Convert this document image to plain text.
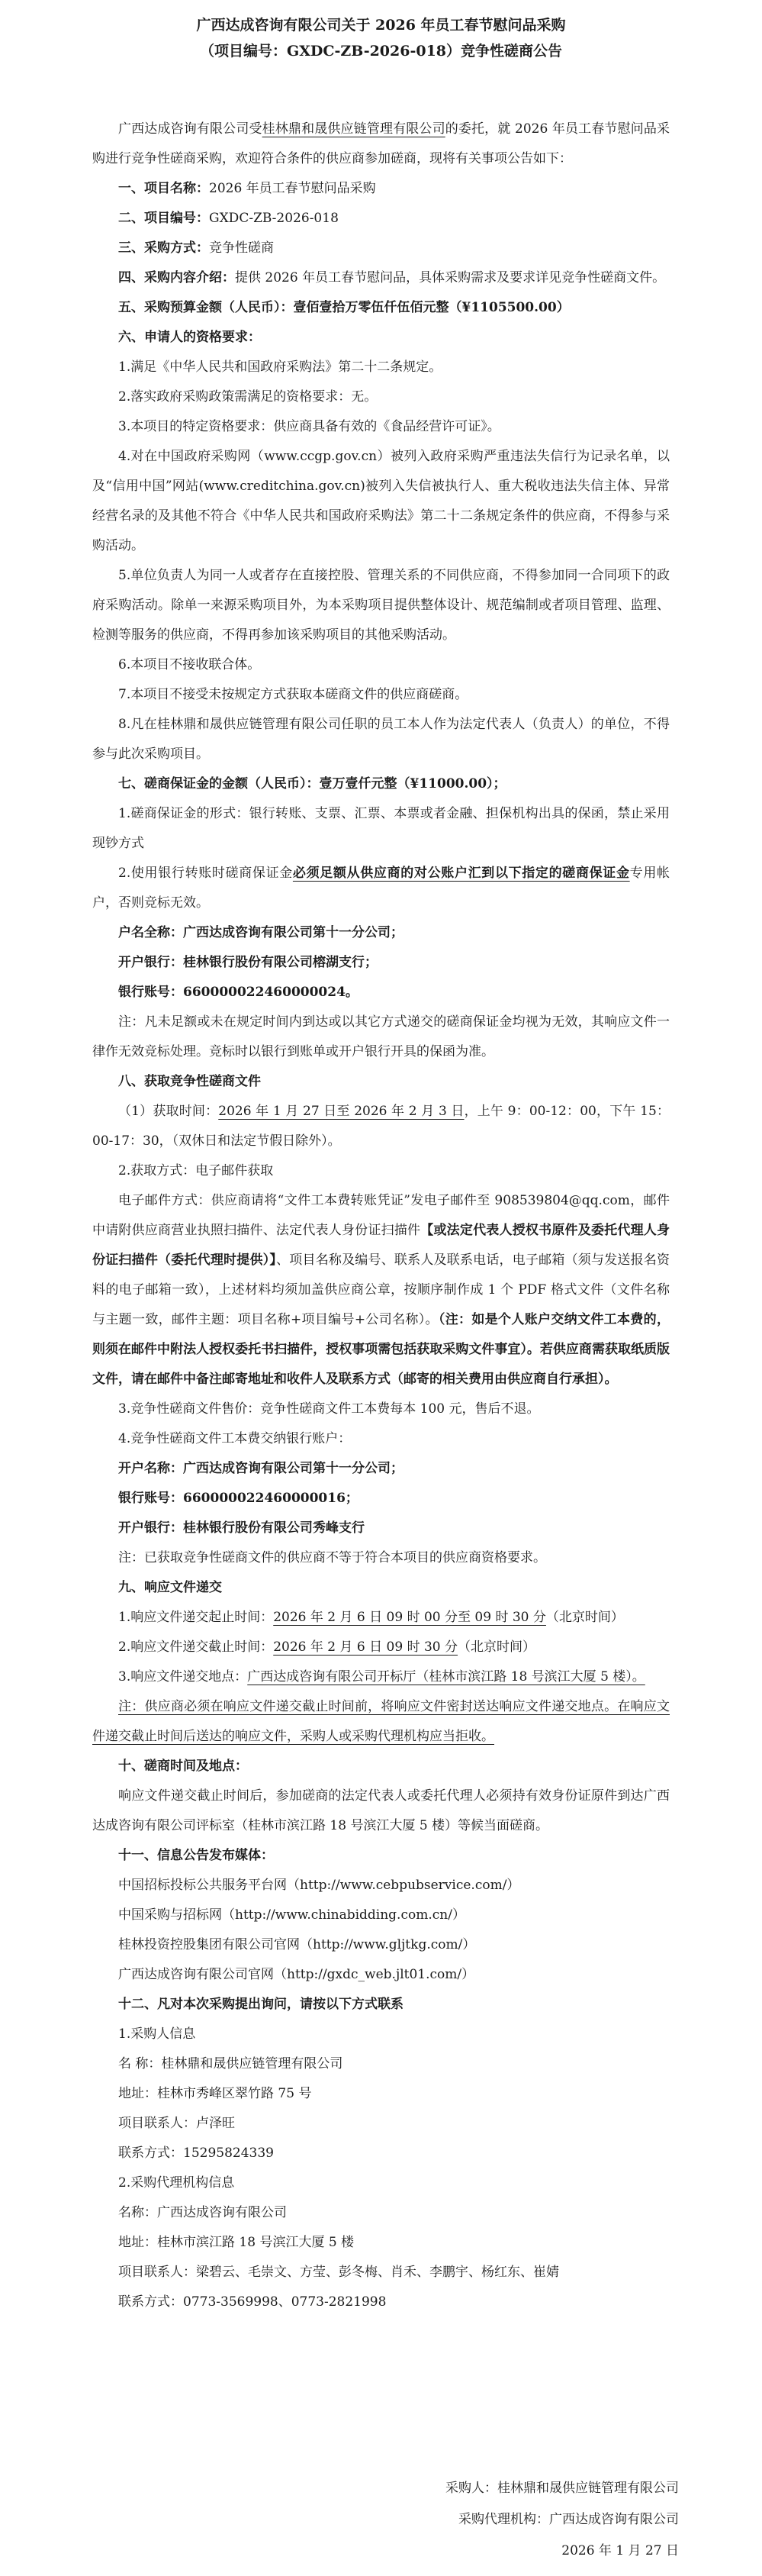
广西达成咨询有限公司关于 2026 年员工春节慰问品采购
（项目编号：GXDC-ZB-2026-018）竞争性磋商公告

广西达成咨询有限公司受桂林鼎和晟供应链管理有限公司的委托，就 2026 年员工春节慰问品采购进行竞争性磋商采购，欢迎符合条件的供应商参加磋商，现将有关事项公告如下：

一、项目名称：2026 年员工春节慰问品采购

二、项目编号：GXDC-ZB-2026-018

三、采购方式：竞争性磋商

四、采购内容介绍：提供 2026 年员工春节慰问品，具体采购需求及要求详见竞争性磋商文件。

五、采购预算金额（人民币）：壹佰壹拾万零伍仟伍佰元整（¥1105500.00）

六、申请人的资格要求：

1.满足《中华人民共和国政府采购法》第二十二条规定。

2.落实政府采购政策需满足的资格要求：无。

3.本项目的特定资格要求：供应商具备有效的《食品经营许可证》。

4.对在中国政府采购网（www.ccgp.gov.cn）被列入政府采购严重违法失信行为记录名单，以及“信用中国”网站(www.creditchina.gov.cn)被列入失信被执行人、重大税收违法失信主体、异常经营名录的及其他不符合《中华人民共和国政府采购法》第二十二条规定条件的供应商，不得参与采购活动。

5.单位负责人为同一人或者存在直接控股、管理关系的不同供应商，不得参加同一合同项下的政府采购活动。除单一来源采购项目外，为本采购项目提供整体设计、规范编制或者项目管理、监理、检测等服务的供应商，不得再参加该采购项目的其他采购活动。

6.本项目不接收联合体。

7.本项目不接受未按规定方式获取本磋商文件的供应商磋商。

8.凡在桂林鼎和晟供应链管理有限公司任职的员工本人作为法定代表人（负责人）的单位，不得参与此次采购项目。

七、磋商保证金的金额（人民币）：壹万壹仟元整（¥11000.00）；

1.磋商保证金的形式：银行转账、支票、汇票、本票或者金融、担保机构出具的保函，禁止采用现钞方式

2.使用银行转账时磋商保证金必须足额从供应商的对公账户汇到以下指定的磋商保证金专用帐户，否则竞标无效。

户名全称：广西达成咨询有限公司第十一分公司；

开户银行：桂林银行股份有限公司榕湖支行；

银行账号：660000022460000024。

注：凡未足额或未在规定时间内到达或以其它方式递交的磋商保证金均视为无效，其响应文件一律作无效竞标处理。竞标时以银行到账单或开户银行开具的保函为准。

八、获取竞争性磋商文件

（1）获取时间：2026 年 1 月 27 日至 2026 年 2 月 3 日，上午 9：00-12：00，下午 15：00-17：30，（双休日和法定节假日除外）。

2.获取方式：电子邮件获取

电子邮件方式：供应商请将“文件工本费转账凭证”发电子邮件至 908539804@qq.com，邮件中请附供应商营业执照扫描件、法定代表人身份证扫描件【或法定代表人授权书原件及委托代理人身份证扫描件（委托代理时提供）】、项目名称及编号、联系人及联系电话，电子邮箱（须与发送报名资料的电子邮箱一致），上述材料均须加盖供应商公章，按顺序制作成 1 个 PDF 格式文件（文件名称与主题一致，邮件主题：项目名称+项目编号+公司名称）。（注：如是个人账户交纳文件工本费的，则须在邮件中附法人授权委托书扫描件，授权事项需包括获取采购文件事宜）。若供应商需获取纸质版文件，请在邮件中备注邮寄地址和收件人及联系方式（邮寄的相关费用由供应商自行承担）。

3.竞争性磋商文件售价：竞争性磋商文件工本费每本 100 元，售后不退。

4.竞争性磋商文件工本费交纳银行账户：

开户名称：广西达成咨询有限公司第十一分公司；

银行账号：660000022460000016；

开户银行：桂林银行股份有限公司秀峰支行

注：已获取竞争性磋商文件的供应商不等于符合本项目的供应商资格要求。

九、响应文件递交

1.响应文件递交起止时间：2026 年 2 月 6 日 09 时 00 分至 09 时 30 分（北京时间）

2.响应文件递交截止时间：2026 年 2 月 6 日 09 时 30 分（北京时间）

3.响应文件递交地点：广西达成咨询有限公司开标厅（桂林市滨江路 18 号滨江大厦 5 楼）。

注：供应商必须在响应文件递交截止时间前，将响应文件密封送达响应文件递交地点。在响应文件递交截止时间后送达的响应文件，采购人或采购代理机构应当拒收。

十、磋商时间及地点：

响应文件递交截止时间后，参加磋商的法定代表人或委托代理人必须持有效身份证原件到达广西达成咨询有限公司评标室（桂林市滨江路 18 号滨江大厦 5 楼）等候当面磋商。

十一、信息公告发布媒体：

中国招标投标公共服务平台网（http://www.cebpubservice.com/）

中国采购与招标网（http://www.chinabidding.com.cn/）

桂林投资控股集团有限公司官网（http://www.gljtkg.com/）

广西达成咨询有限公司官网（http://gxdc_web.jlt01.com/）

十二、凡对本次采购提出询问，请按以下方式联系

1.采购人信息

名 称：桂林鼎和晟供应链管理有限公司

地址：桂林市秀峰区翠竹路 75 号

项目联系人：卢泽旺

联系方式：15295824339

2.采购代理机构信息

名称：广西达成咨询有限公司

地址：桂林市滨江路 18 号滨江大厦 5 楼

项目联系人：梁碧云、毛崇文、方莹、彭冬梅、肖禾、李鹏宇、杨红东、崔婧

联系方式：0773-3569998、0773-2821998

采购人：桂林鼎和晟供应链管理有限公司
采购代理机构：广西达成咨询有限公司
2026 年 1 月 27 日
